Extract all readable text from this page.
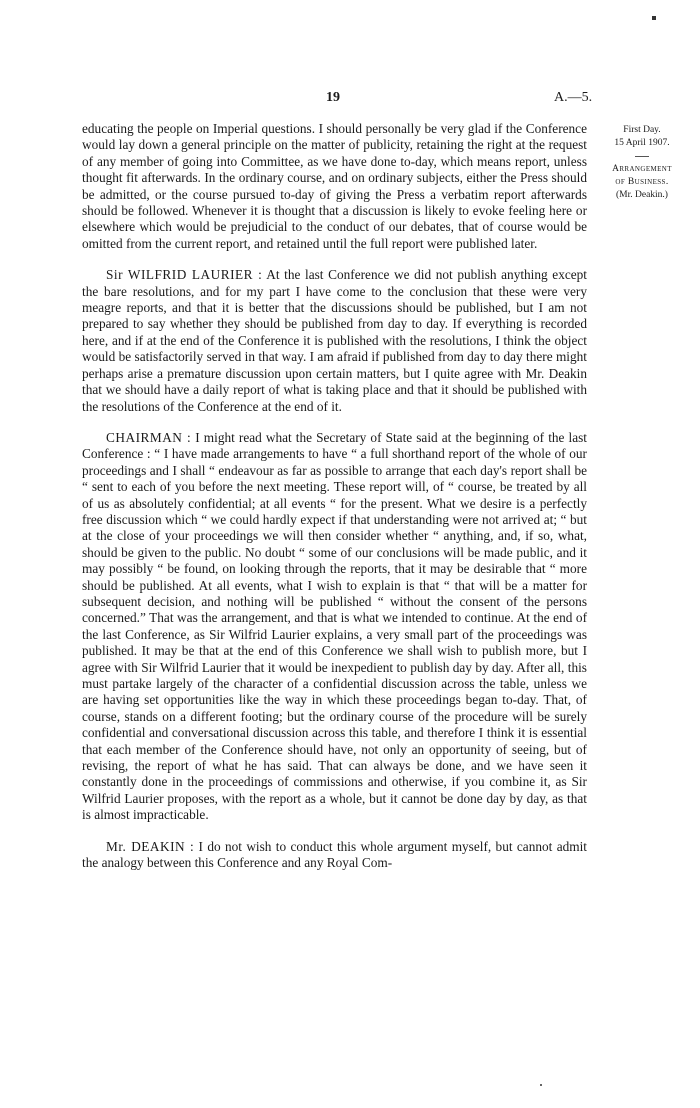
19	A.—5.

educating the people on Imperial questions. I should personally be very glad if the Conference would lay down a general principle on the matter of publicity, retaining the right at the request of any member of going into Committee, as we have done to-day, which means report, unless thought fit afterwards. In the ordinary course, and on ordinary subjects, either the Press should be admitted, or the course pursued to-day of giving the Press a verbatim report afterwards should be followed. Whenever it is thought that a discussion is likely to evoke feeling here or elsewhere which would be prejudicial to the conduct of our debates, that of course would be omitted from the current report, and retained until the full report were published later.

Sir WILFRID LAURIER : At the last Conference we did not publish anything except the bare resolutions, and for my part I have come to the conclusion that these were very meagre reports, and that it is better that the discussions should be published, but I am not prepared to say whether they should be published from day to day. If everything is recorded here, and if at the end of the Conference it is published with the resolutions, I think the object would be satisfactorily served in that way. I am afraid if published from day to day there might perhaps arise a premature discussion upon certain matters, but I quite agree with Mr. Deakin that we should have a daily report of what is taking place and that it should be published with the resolutions of the Conference at the end of it.

CHAIRMAN : I might read what the Secretary of State said at the beginning of the last Conference : “ I have made arrangements to have “ a full shorthand report of the whole of our proceedings and I shall “ endeavour as far as possible to arrange that each day's report shall be “ sent to each of you before the next meeting. These report will, of “ course, be treated by all of us as absolutely confidential; at all events “ for the present. What we desire is a perfectly free discussion which “ we could hardly expect if that understanding were not arrived at; “ but at the close of your proceedings we will then consider whether “ anything, and, if so, what, should be given to the public. No doubt “ some of our conclusions will be made public, and it may possibly “ be found, on looking through the reports, that it may be desirable that “ more should be published. At all events, what I wish to explain is that “ that will be a matter for subsequent decision, and nothing will be published “ without the consent of the persons concerned.” That was the arrangement, and that is what we intended to continue. At the end of the last Conference, as Sir Wilfrid Laurier explains, a very small part of the proceedings was published. It may be that at the end of this Conference we shall wish to publish more, but I agree with Sir Wilfrid Laurier that it would be inexpedient to publish day by day. After all, this must partake largely of the character of a confidential discussion across the table, unless we are having set opportunities like the way in which these proceedings began to-day. That, of course, stands on a different footing; but the ordinary course of the procedure will be surely confidential and conversational discussion across this table, and therefore I think it is essential that each member of the Conference should have, not only an opportunity of seeing, but of revising, the report of what he has said. That can always be done, and we have seen it constantly done in the proceedings of commissions and otherwise, if you combine it, as Sir Wilfrid Laurier proposes, with the report as a whole, but it cannot be done day by day, as that is almost impracticable.

Mr. DEAKIN : I do not wish to conduct this whole argument myself, but cannot admit the analogy between this Conference and any Royal Com-

First Day.
15 April 1907.
Arrangement
of Business.
(Mr. Deakin.)
